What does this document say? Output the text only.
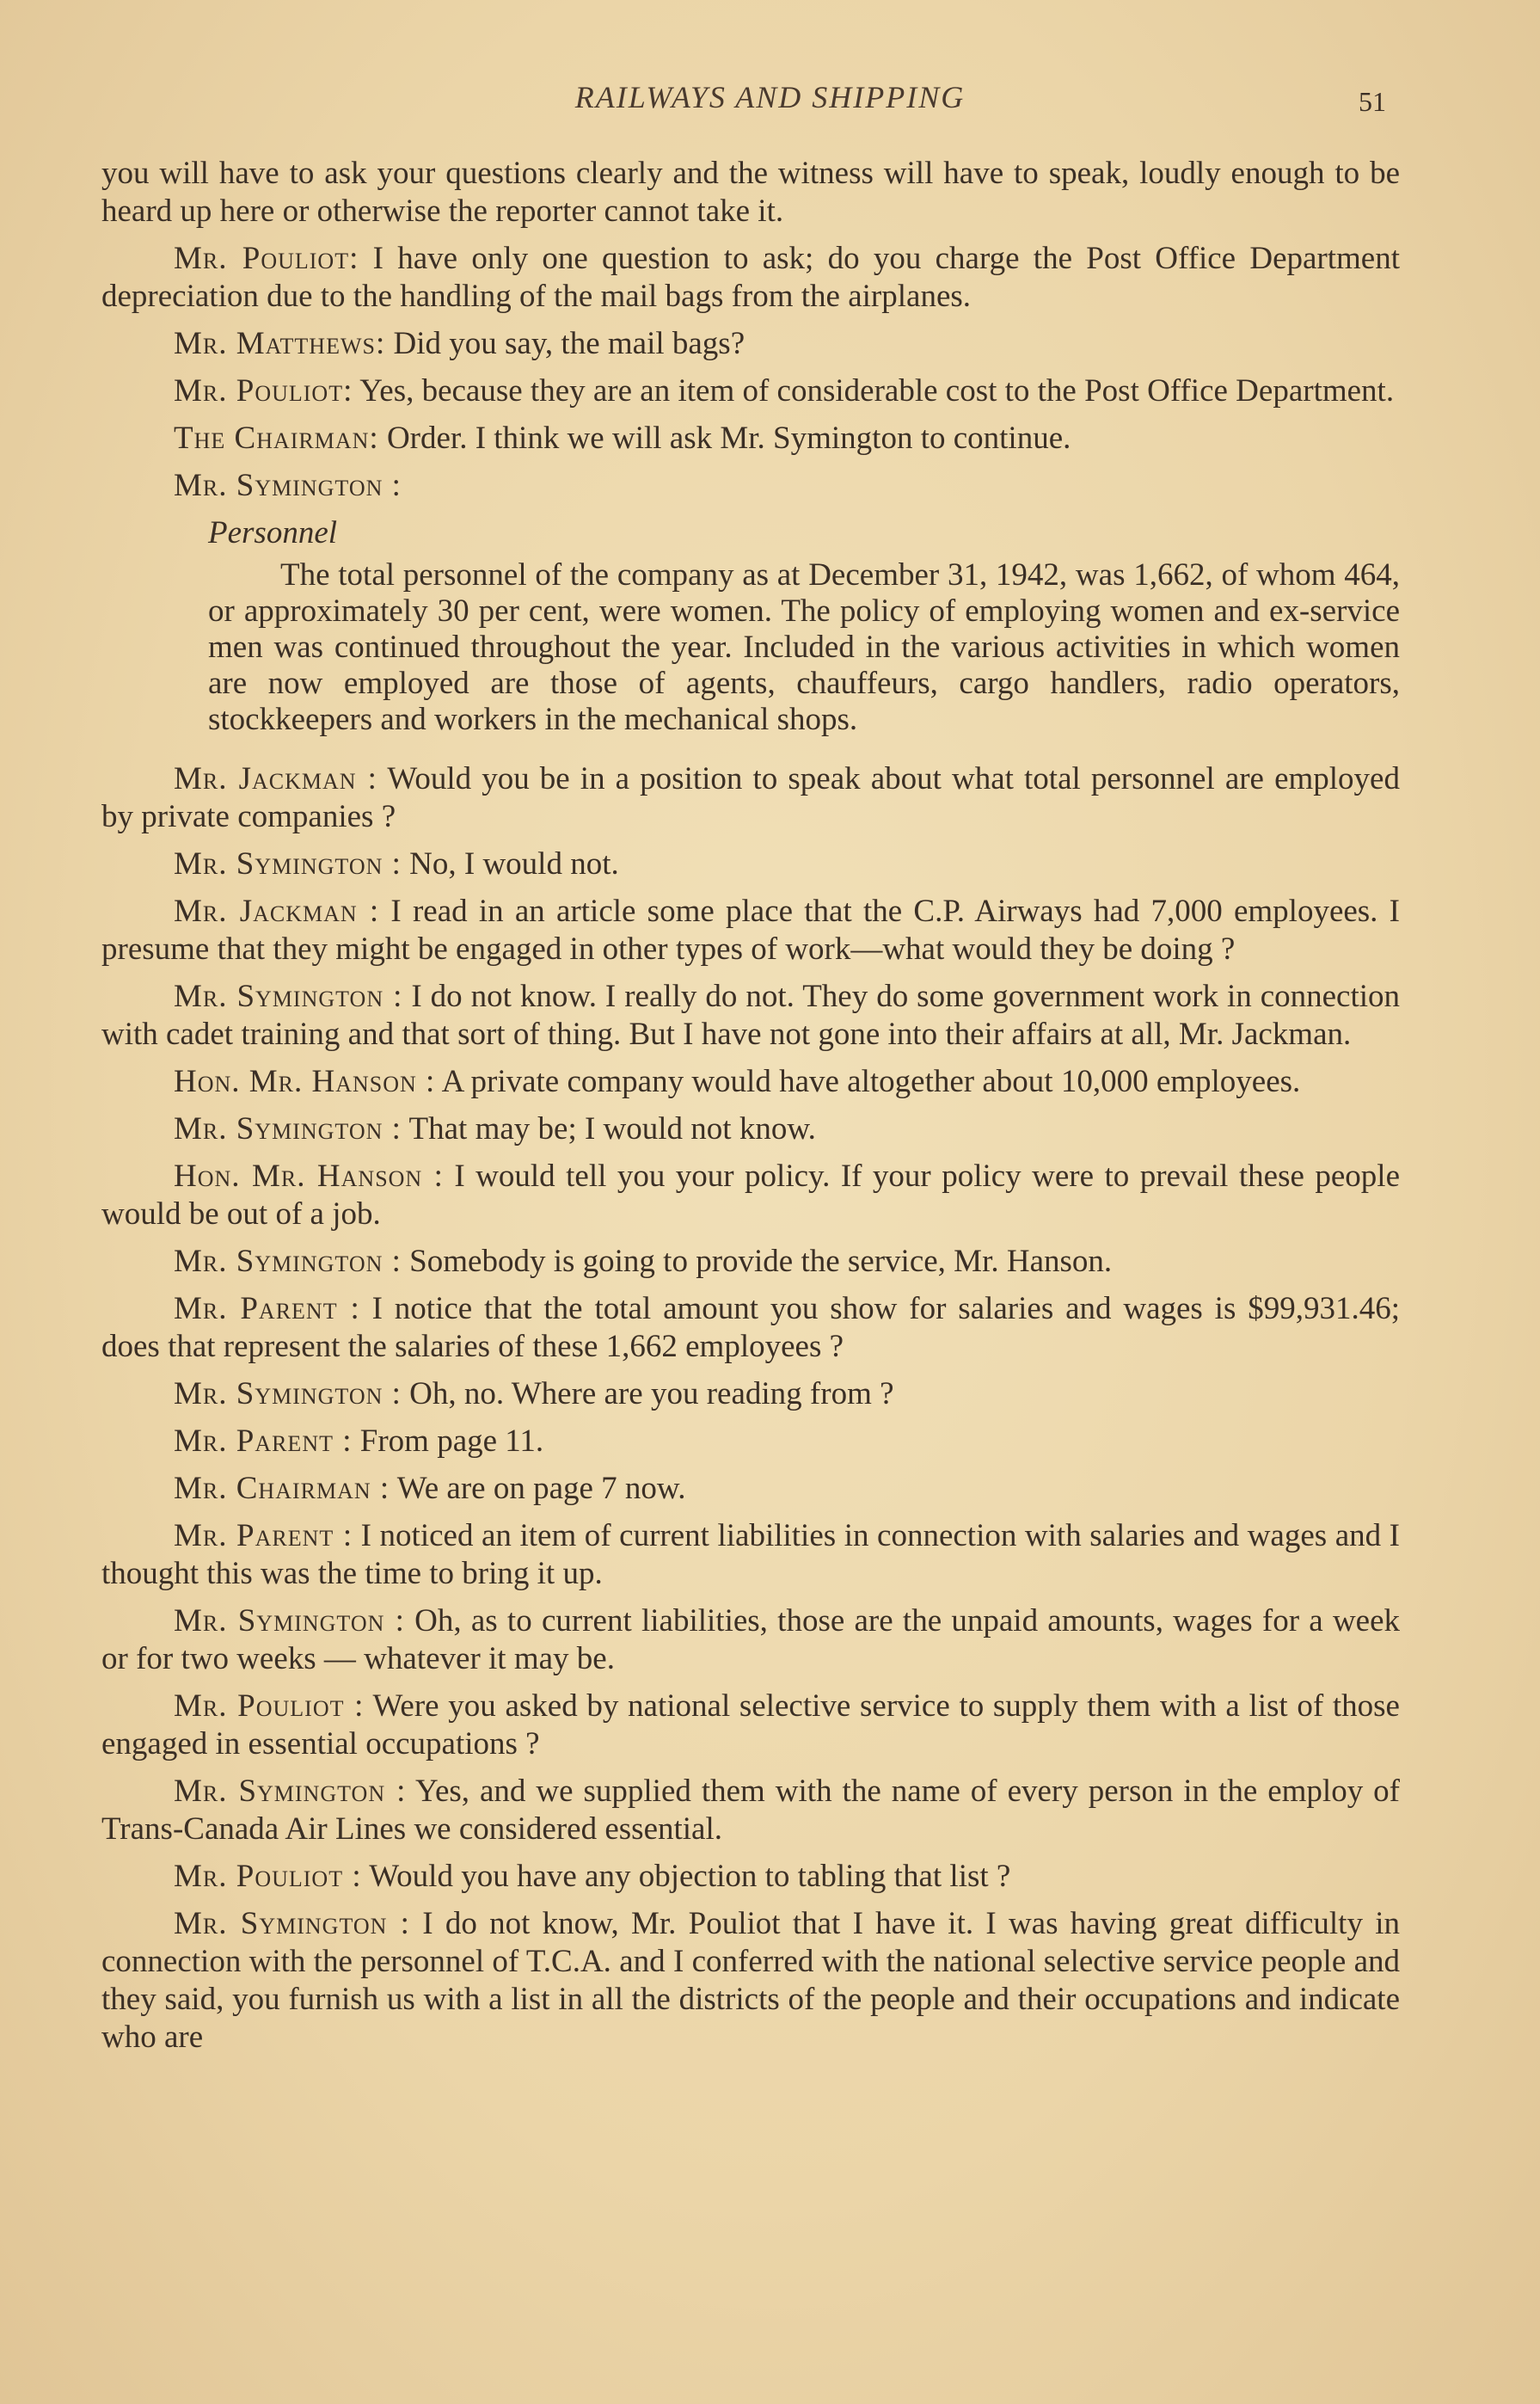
RAILWAYS AND SHIPPING	51

you will have to ask your questions clearly and the witness will have to speak, loudly enough to be heard up here or otherwise the reporter cannot take it.

Mr. Pouliot: I have only one question to ask; do you charge the Post Office Department depreciation due to the handling of the mail bags from the airplanes.

Mr. Matthews: Did you say, the mail bags?

Mr. Pouliot: Yes, because they are an item of considerable cost to the Post Office Department.

The Chairman: Order. I think we will ask Mr. Symington to continue.

Mr. Symington :

Personnel

The total personnel of the company as at December 31, 1942, was 1,662, of whom 464, or approximately 30 per cent, were women. The policy of employing women and ex-service men was continued throughout the year. Included in the various activities in which women are now employed are those of agents, chauffeurs, cargo handlers, radio operators, stockkeepers and workers in the mechanical shops.

Mr. Jackman : Would you be in a position to speak about what total personnel are employed by private companies ?

Mr. Symington : No, I would not.

Mr. Jackman : I read in an article some place that the C.P. Airways had 7,000 employees. I presume that they might be engaged in other types of work—what would they be doing ?

Mr. Symington : I do not know. I really do not. They do some government work in connection with cadet training and that sort of thing. But I have not gone into their affairs at all, Mr. Jackman.

Hon. Mr. Hanson : A private company would have altogether about 10,000 employees.

Mr. Symington : That may be; I would not know.

Hon. Mr. Hanson : I would tell you your policy. If your policy were to prevail these people would be out of a job.

Mr. Symington : Somebody is going to provide the service, Mr. Hanson.

Mr. Parent : I notice that the total amount you show for salaries and wages is $99,931.46; does that represent the salaries of these 1,662 employees ?

Mr. Symington : Oh, no. Where are you reading from ?

Mr. Parent : From page 11.

Mr. Chairman : We are on page 7 now.

Mr. Parent : I noticed an item of current liabilities in connection with salaries and wages and I thought this was the time to bring it up.

Mr. Symington : Oh, as to current liabilities, those are the unpaid amounts, wages for a week or for two weeks — whatever it may be.

Mr. Pouliot : Were you asked by national selective service to supply them with a list of those engaged in essential occupations ?

Mr. Symington : Yes, and we supplied them with the name of every person in the employ of Trans-Canada Air Lines we considered essential.

Mr. Pouliot : Would you have any objection to tabling that list ?

Mr. Symington : I do not know, Mr. Pouliot that I have it. I was having great difficulty in connection with the personnel of T.C.A. and I conferred with the national selective service people and they said, you furnish us with a list in all the districts of the people and their occupations and indicate who are
